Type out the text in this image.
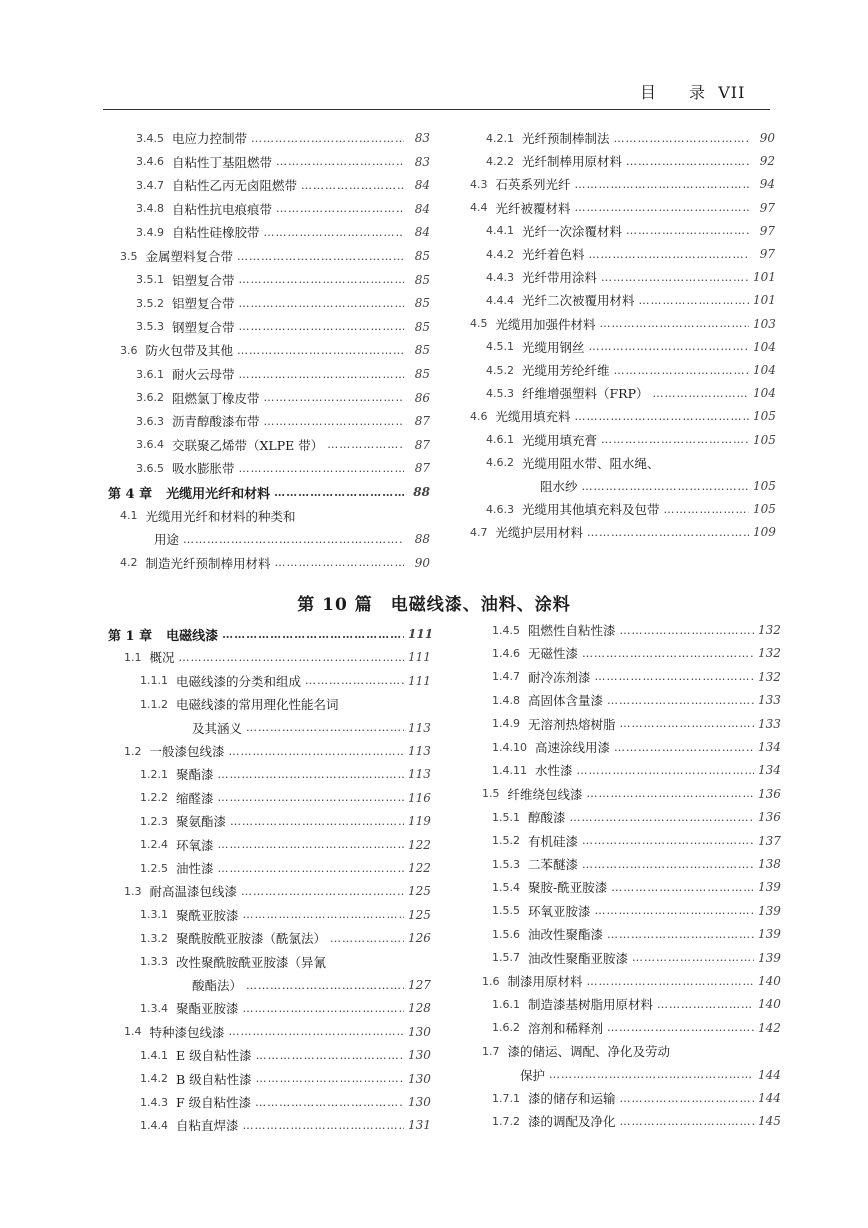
目 录 VII
3.4.5 电应力控制带 ……………………………………………………………………………………………………………………………………	83
3.4.6 自粘性丁基阻燃带 ……………………………………………………………………………………………………………………………………	83
3.4.7 自粘性乙丙无卤阻燃带 ……………………………………………………………………………………………………………………………………	84
3.4.8 自粘性抗电痕痕带 ……………………………………………………………………………………………………………………………………	84
3.4.9 自粘性硅橡胶带 ……………………………………………………………………………………………………………………………………	84
3.5 金属塑料复合带 ……………………………………………………………………………………………………………………………………	85
3.5.1 铝塑复合带 ……………………………………………………………………………………………………………………………………	85
3.5.2 铝塑复合带 ……………………………………………………………………………………………………………………………………	85
3.5.3 钢塑复合带 ……………………………………………………………………………………………………………………………………	85
3.6 防火包带及其他 ……………………………………………………………………………………………………………………………………	85
3.6.1 耐火云母带 ……………………………………………………………………………………………………………………………………	85
3.6.2 阻燃氯丁橡皮带 ……………………………………………………………………………………………………………………………………	86
3.6.3 沥青醇酸漆布带 ……………………………………………………………………………………………………………………………………	87
3.6.4 交联聚乙烯带（XLPE 带） ……………………………………………………………………………………………………………………………………	87
3.6.5 吸水膨胀带 ……………………………………………………………………………………………………………………………………	87
第 4 章 光缆用光纤和材料 ……………………………………………………………………………………………………………………………………	88
4.1 光缆用光纤和材料的种类和
用途 ……………………………………………………………………………………………………………………………………	88
4.2 制造光纤预制棒用材料 ……………………………………………………………………………………………………………………………………	90
4.2.1 光纤预制棒制法 ……………………………………………………………………………………………………………………………………	90
4.2.2 光纤制棒用原材料 ……………………………………………………………………………………………………………………………………	92
4.3 石英系列光纤 ……………………………………………………………………………………………………………………………………	94
4.4 光纤被覆材料 ……………………………………………………………………………………………………………………………………	97
4.4.1 光纤一次涂覆材料 ……………………………………………………………………………………………………………………………………	97
4.4.2 光纤着色料 ……………………………………………………………………………………………………………………………………	97
4.4.3 光纤带用涂料 ……………………………………………………………………………………………………………………………………	101
4.4.4 光纤二次被覆用材料 ……………………………………………………………………………………………………………………………………	101
4.5 光缆用加强件材料 ……………………………………………………………………………………………………………………………………	103
4.5.1 光缆用钢丝 ……………………………………………………………………………………………………………………………………	104
4.5.2 光缆用芳纶纤维 ……………………………………………………………………………………………………………………………………	104
4.5.3 纤维增强塑料（FRP） ……………………………………………………………………………………………………………………………………	104
4.6 光缆用填充料 ……………………………………………………………………………………………………………………………………	105
4.6.1 光缆用填充膏 ……………………………………………………………………………………………………………………………………	105
4.6.2 光缆用阻水带、阻水绳、
阻水纱 ……………………………………………………………………………………………………………………………………	105
4.6.3 光缆用其他填充料及包带 ……………………………………………………………………………………………………………………………………	105
4.7 光缆护层用材料 ……………………………………………………………………………………………………………………………………	109
第 10 篇 电磁线漆、油料、涂料
第 1 章 电磁线漆 ……………………………………………………………………………………………………………………………………	111
1.1 概况 ……………………………………………………………………………………………………………………………………	111
1.1.1 电磁线漆的分类和组成 ……………………………………………………………………………………………………………………………………	111
1.1.2 电磁线漆的常用理化性能名词
及其涵义 ……………………………………………………………………………………………………………………………………	113
1.2 一般漆包线漆 ……………………………………………………………………………………………………………………………………	113
1.2.1 聚酯漆 ……………………………………………………………………………………………………………………………………	113
1.2.2 缩醛漆 ……………………………………………………………………………………………………………………………………	116
1.2.3 聚氨酯漆 ……………………………………………………………………………………………………………………………………	119
1.2.4 环氧漆 ……………………………………………………………………………………………………………………………………	122
1.2.5 油性漆 ……………………………………………………………………………………………………………………………………	122
1.3 耐高温漆包线漆 ……………………………………………………………………………………………………………………………………	125
1.3.1 聚酰亚胺漆 ……………………………………………………………………………………………………………………………………	125
1.3.2 聚酰胺酰亚胺漆（酰氯法） ……………………………………………………………………………………………………………………………………	126
1.3.3 改性聚酰胺酰亚胺漆（异氰
酸酯法） ……………………………………………………………………………………………………………………………………	127
1.3.4 聚酯亚胺漆 ……………………………………………………………………………………………………………………………………	128
1.4 特种漆包线漆 ……………………………………………………………………………………………………………………………………	130
1.4.1 E 级自粘性漆 ……………………………………………………………………………………………………………………………………	130
1.4.2 B 级自粘性漆 ……………………………………………………………………………………………………………………………………	130
1.4.3 F 级自粘性漆 ……………………………………………………………………………………………………………………………………	130
1.4.4 自粘直焊漆 ……………………………………………………………………………………………………………………………………	131
1.4.5 阻燃性自粘性漆 ……………………………………………………………………………………………………………………………………	132
1.4.6 无磁性漆 ……………………………………………………………………………………………………………………………………	132
1.4.7 耐冷冻剂漆 ……………………………………………………………………………………………………………………………………	132
1.4.8 高固体含量漆 ……………………………………………………………………………………………………………………………………	133
1.4.9 无溶剂热熔树脂 ……………………………………………………………………………………………………………………………………	133
1.4.10 高速涂线用漆 ……………………………………………………………………………………………………………………………………	134
1.4.11 水性漆 ……………………………………………………………………………………………………………………………………	134
1.5 纤维绕包线漆 ……………………………………………………………………………………………………………………………………	136
1.5.1 醇酸漆 ……………………………………………………………………………………………………………………………………	136
1.5.2 有机硅漆 ……………………………………………………………………………………………………………………………………	137
1.5.3 二苯醚漆 ……………………………………………………………………………………………………………………………………	138
1.5.4 聚胺-酰亚胺漆 ……………………………………………………………………………………………………………………………………	139
1.5.5 环氧亚胺漆 ……………………………………………………………………………………………………………………………………	139
1.5.6 油改性聚酯漆 ……………………………………………………………………………………………………………………………………	139
1.5.7 油改性聚酯亚胺漆 ……………………………………………………………………………………………………………………………………	139
1.6 制漆用原材料 ……………………………………………………………………………………………………………………………………	140
1.6.1 制造漆基树脂用原材料 ……………………………………………………………………………………………………………………………………	140
1.6.2 溶剂和稀释剂 ……………………………………………………………………………………………………………………………………	142
1.7 漆的储运、调配、净化及劳动
保护 ……………………………………………………………………………………………………………………………………	144
1.7.1 漆的储存和运输 ……………………………………………………………………………………………………………………………………	144
1.7.2 漆的调配及净化 ……………………………………………………………………………………………………………………………………	145
